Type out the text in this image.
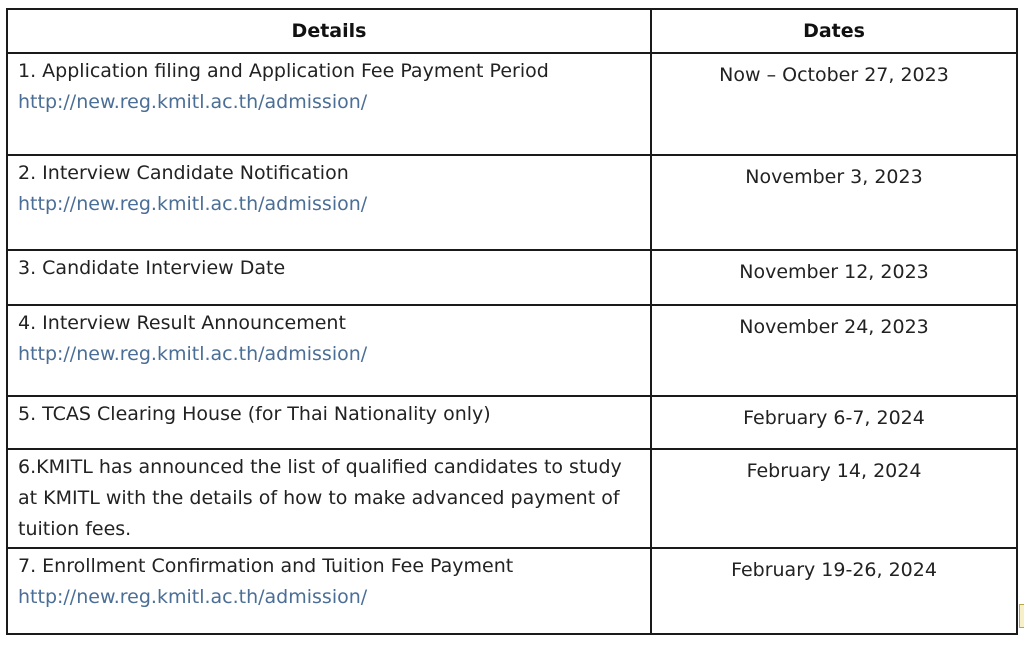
Details	Dates
1. Application filing and Application Fee Payment Period http://new.reg.kmitl.ac.th/admission/	Now – October 27, 2023
2. Interview Candidate Notification http://new.reg.kmitl.ac.th/admission/	November 3, 2023
3. Candidate Interview Date	November 12, 2023
4. Interview Result Announcement http://new.reg.kmitl.ac.th/admission/	November 24, 2023
5. TCAS Clearing House (for Thai Nationality only)	February 6-7, 2024
6.KMITL has announced the list of qualified candidates to study at KMITL with the details of how to make advanced payment of tuition fees.	February 14, 2024
7. Enrollment Confirmation and Tuition Fee Payment http://new.reg.kmitl.ac.th/admission/	February 19-26, 2024
